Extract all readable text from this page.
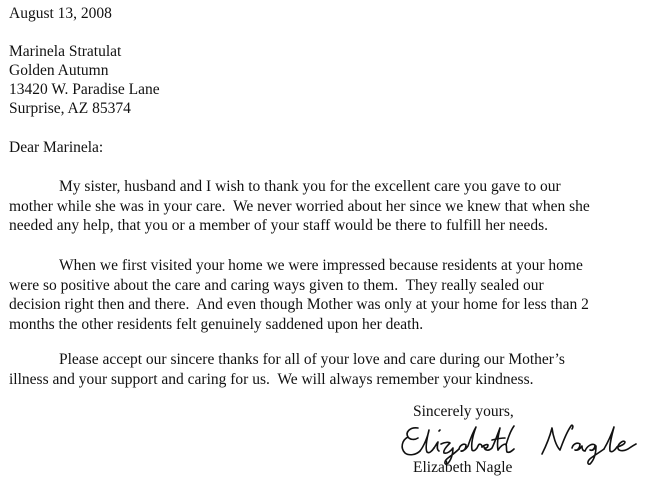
August 13, 2008
Marinela Stratulat
Golden Autumn
13420 W. Paradise Lane
Surprise, AZ 85374
Dear Marinela:
My sister, husband and I wish to thank you for the excellent care you gave to our
mother while she was in your care.  We never worried about her since we knew that when she
needed any help, that you or a member of your staff would be there to fulfill her needs.
When we first visited your home we were impressed because residents at your home
were so positive about the care and caring ways given to them.  They really sealed our
decision right then and there.  And even though Mother was only at your home for less than 2
months the other residents felt genuinely saddened upon her death.
Please accept our sincere thanks for all of your love and care during our Mother’s
illness and your support and caring for us.  We will always remember your kindness.
Sincerely yours,
Elizabeth Nagle
Elizabeth Nagle
